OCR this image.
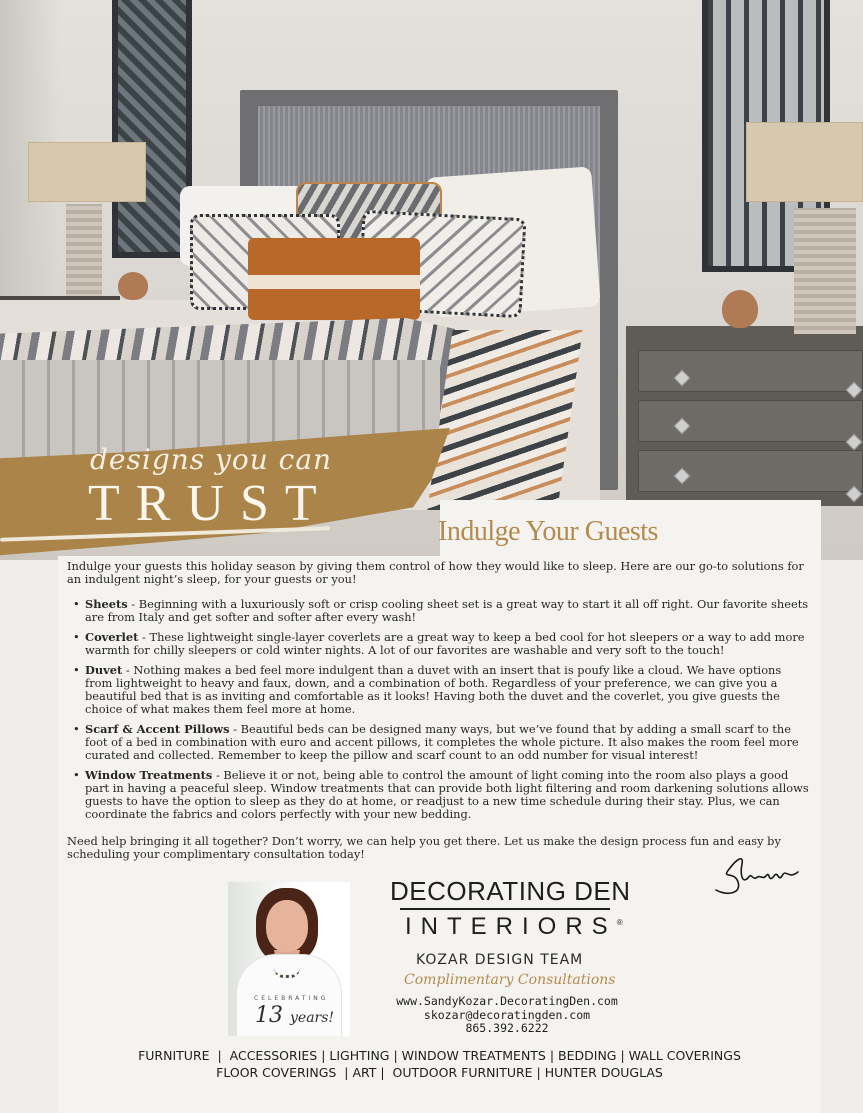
designs you can
TRUST	Indulge Your Guests

Indulge your guests this holiday season by giving them control of how they would like to sleep. Here are our go-to solutions for an indulgent night’s sleep, for your guests or you!

• Sheets - Beginning with a luxuriously soft or crisp cooling sheet set is a great way to start it all off right. Our favorite sheets are from Italy and get softer and softer after every wash!
• Coverlet - These lightweight single-layer coverlets are a great way to keep a bed cool for hot sleepers or a way to add more warmth for chilly sleepers or cold winter nights. A lot of our favorites are washable and very soft to the touch!
• Duvet - Nothing makes a bed feel more indulgent than a duvet with an insert that is poufy like a cloud. We have options from lightweight to heavy and faux, down, and a combination of both. Regardless of your preference, we can give you a beautiful bed that is as inviting and comfortable as it looks! Having both the duvet and the coverlet, you give guests the choice of what makes them feel more at home.
• Scarf & Accent Pillows - Beautiful beds can be designed many ways, but we’ve found that by adding a small scarf to the foot of a bed in combination with euro and accent pillows, it completes the whole picture. It also makes the room feel more curated and collected. Remember to keep the pillow and scarf count to an odd number for visual interest!
• Window Treatments - Believe it or not, being able to control the amount of light coming into the room also plays a good part in having a peaceful sleep. Window treatments that can provide both light filtering and room darkening solutions allows guests to have the option to sleep as they do at home, or readjust to a new time schedule during their stay. Plus, we can coordinate the fabrics and colors perfectly with your new bedding.

Need help bringing it all together? Don’t worry, we can help you get there. Let us make the design process fun and easy by scheduling your complimentary consultation today!

CELEBRATING
13 years!
DECORATING DEN
INTERIORS®
KOZAR DESIGN TEAM
Complimentary Consultations
www.SandyKozar.DecoratingDen.com
skozar@decoratingden.com
865.392.6222
FURNITURE  |  ACCESSORIES | LIGHTING | WINDOW TREATMENTS | BEDDING | WALL COVERINGS
FLOOR COVERINGS  | ART |  OUTDOOR FURNITURE | HUNTER DOUGLAS
